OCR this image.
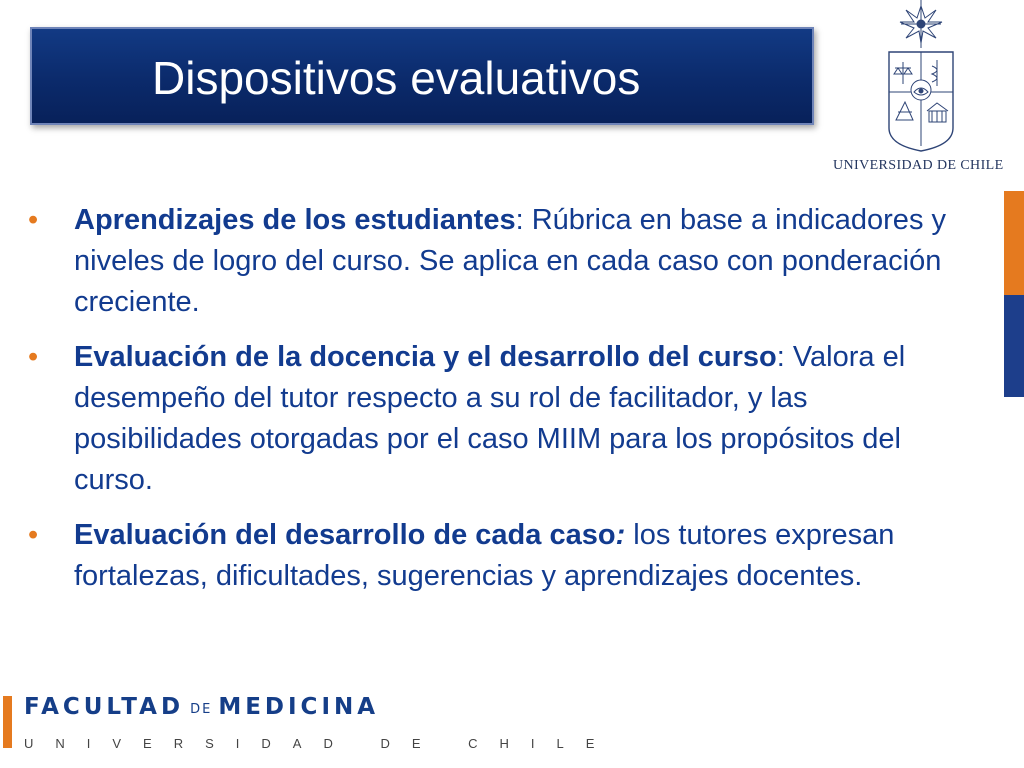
Dispositivos evaluativos
UNIVERSIDAD DE CHILE
•	Aprendizajes de los estudiantes: Rúbrica en base a indicadores y niveles de logro del curso. Se aplica en cada caso con ponderación creciente.
•	Evaluación de la docencia y el desarrollo del curso: Valora el desempeño del tutor respecto a su rol de facilitador, y las posibilidades otorgadas por el caso MIIM para los propósitos del curso.
•	Evaluación del desarrollo de cada caso: los tutores expresan fortalezas, dificultades, sugerencias y aprendizajes docentes.
FACULTAD DE MEDICINA
UNIVERSIDAD DE CHILE
